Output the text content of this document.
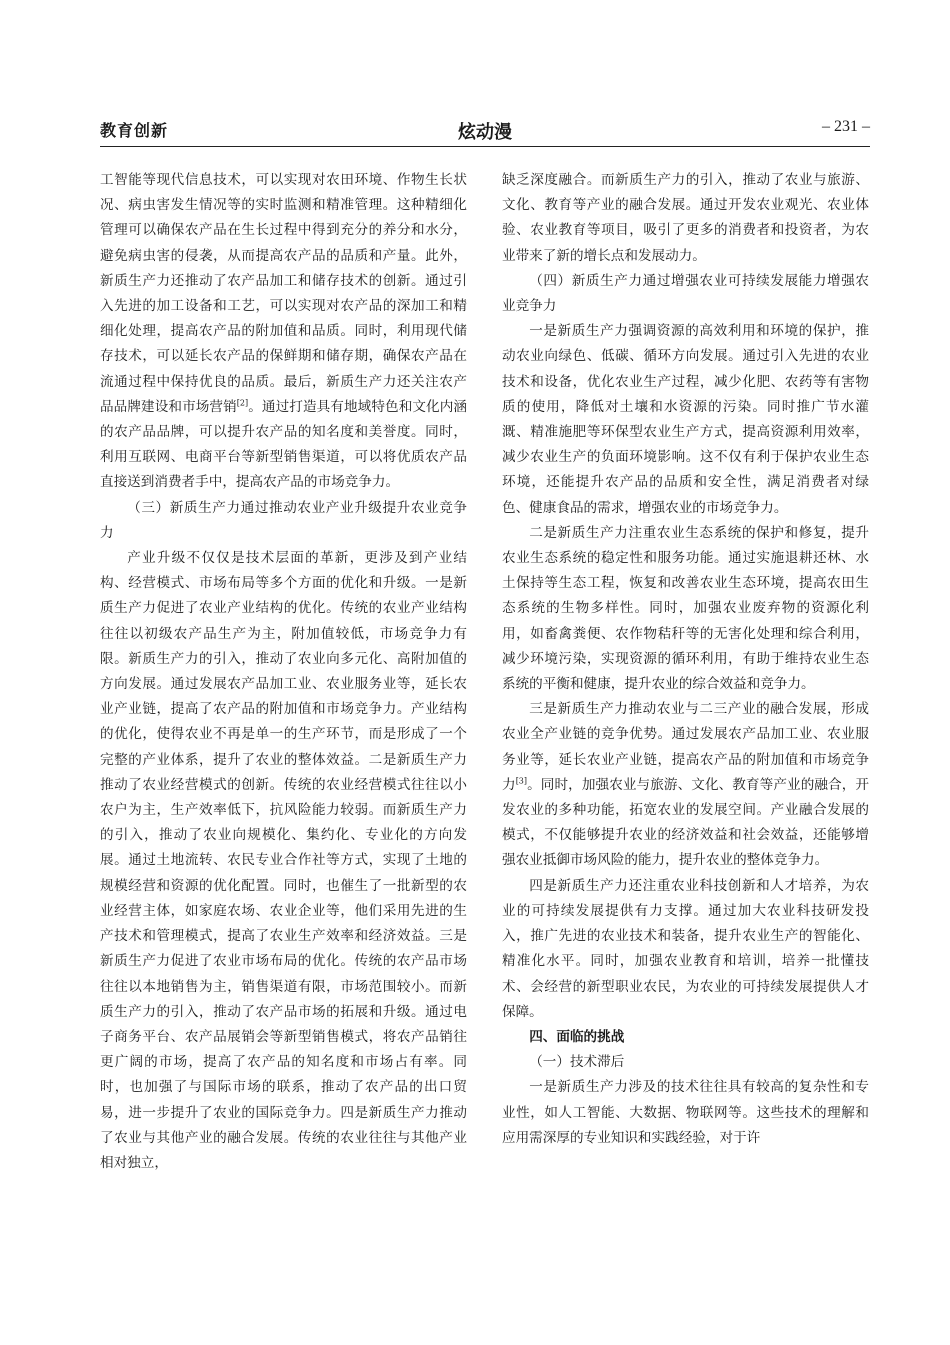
教育创新	炫动漫	– 231 –

工智能等现代信息技术，可以实现对农田环境、作物生长状况、病虫害发生情况等的实时监测和精准管理。这种精细化管理可以确保农产品在生长过程中得到充分的养分和水分，避免病虫害的侵袭，从而提高农产品的品质和产量。此外，新质生产力还推动了农产品加工和储存技术的创新。通过引入先进的加工设备和工艺，可以实现对农产品的深加工和精细化处理，提高农产品的附加值和品质。同时，利用现代储存技术，可以延长农产品的保鲜期和储存期，确保农产品在流通过程中保持优良的品质。最后，新质生产力还关注农产品品牌建设和市场营销[2]。通过打造具有地域特色和文化内涵的农产品品牌，可以提升农产品的知名度和美誉度。同时，利用互联网、电商平台等新型销售渠道，可以将优质农产品直接送到消费者手中，提高农产品的市场竞争力。

（三）新质生产力通过推动农业产业升级提升农业竞争力

产业升级不仅仅是技术层面的革新，更涉及到产业结构、经营模式、市场布局等多个方面的优化和升级。一是新质生产力促进了农业产业结构的优化。传统的农业产业结构往往以初级农产品生产为主，附加值较低，市场竞争力有限。新质生产力的引入，推动了农业向多元化、高附加值的方向发展。通过发展农产品加工业、农业服务业等，延长农业产业链，提高了农产品的附加值和市场竞争力。产业结构的优化，使得农业不再是单一的生产环节，而是形成了一个完整的产业体系，提升了农业的整体效益。二是新质生产力推动了农业经营模式的创新。传统的农业经营模式往往以小农户为主，生产效率低下，抗风险能力较弱。而新质生产力的引入，推动了农业向规模化、集约化、专业化的方向发展。通过土地流转、农民专业合作社等方式，实现了土地的规模经营和资源的优化配置。同时，也催生了一批新型的农业经营主体，如家庭农场、农业企业等，他们采用先进的生产技术和管理模式，提高了农业生产效率和经济效益。三是新质生产力促进了农业市场布局的优化。传统的农产品市场往往以本地销售为主，销售渠道有限，市场范围较小。而新质生产力的引入，推动了农产品市场的拓展和升级。通过电子商务平台、农产品展销会等新型销售模式，将农产品销往更广阔的市场，提高了农产品的知名度和市场占有率。同时，也加强了与国际市场的联系，推动了农产品的出口贸易，进一步提升了农业的国际竞争力。四是新质生产力推动了农业与其他产业的融合发展。传统的农业往往与其他产业相对独立，

缺乏深度融合。而新质生产力的引入，推动了农业与旅游、文化、教育等产业的融合发展。通过开发农业观光、农业体验、农业教育等项目，吸引了更多的消费者和投资者，为农业带来了新的增长点和发展动力。

（四）新质生产力通过增强农业可持续发展能力增强农业竞争力

一是新质生产力强调资源的高效利用和环境的保护，推动农业向绿色、低碳、循环方向发展。通过引入先进的农业技术和设备，优化农业生产过程，减少化肥、农药等有害物质的使用，降低对土壤和水资源的污染。同时推广节水灌溉、精准施肥等环保型农业生产方式，提高资源利用效率，减少农业生产的负面环境影响。这不仅有利于保护农业生态环境，还能提升农产品的品质和安全性，满足消费者对绿色、健康食品的需求，增强农业的市场竞争力。

二是新质生产力注重农业生态系统的保护和修复，提升农业生态系统的稳定性和服务功能。通过实施退耕还林、水土保持等生态工程，恢复和改善农业生态环境，提高农田生态系统的生物多样性。同时，加强农业废弃物的资源化利用，如畜禽粪便、农作物秸秆等的无害化处理和综合利用，减少环境污染，实现资源的循环利用，有助于维持农业生态系统的平衡和健康，提升农业的综合效益和竞争力。

三是新质生产力推动农业与二三产业的融合发展，形成农业全产业链的竞争优势。通过发展农产品加工业、农业服务业等，延长农业产业链，提高农产品的附加值和市场竞争力[3]。同时，加强农业与旅游、文化、教育等产业的融合，开发农业的多种功能，拓宽农业的发展空间。产业融合发展的模式，不仅能够提升农业的经济效益和社会效益，还能够增强农业抵御市场风险的能力，提升农业的整体竞争力。

四是新质生产力还注重农业科技创新和人才培养，为农业的可持续发展提供有力支撑。通过加大农业科技研发投入，推广先进的农业技术和装备，提升农业生产的智能化、精准化水平。同时，加强农业教育和培训，培养一批懂技术、会经营的新型职业农民，为农业的可持续发展提供人才保障。

四、面临的挑战

（一）技术滞后

一是新质生产力涉及的技术往往具有较高的复杂性和专业性，如人工智能、大数据、物联网等。这些技术的理解和应用需深厚的专业知识和实践经验，对于许
